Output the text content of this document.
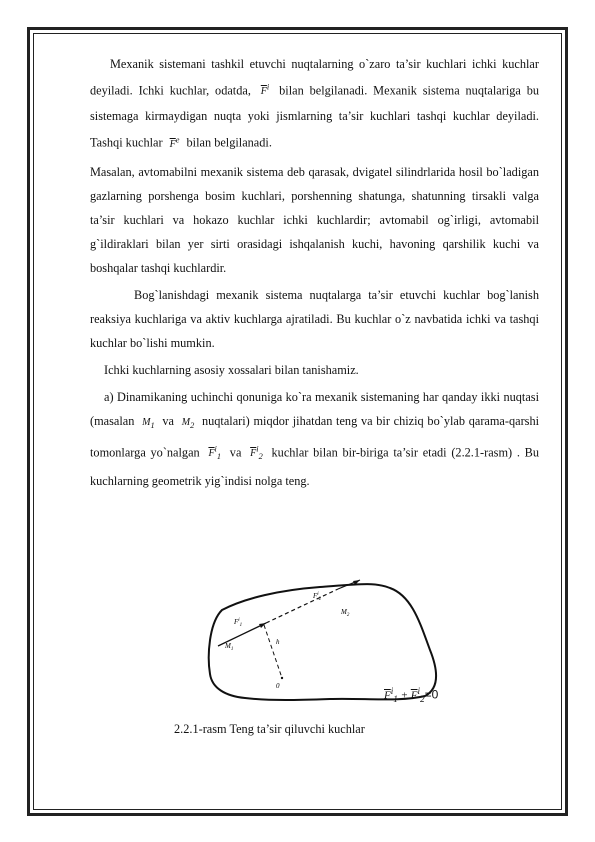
Mexanik sistemani tashkil etuvchi nuqtalarning o`zaro ta’sir kuchlari ichki kuchlar deyiladi. Ichki kuchlar, odatda, $\overline{F}^i$ bilan belgilanadi. Mexanik sistema nuqtalariga bu sistemaga kirmaydigan nuqta yoki jismlarning ta’sir kuchlari tashqi kuchlar deyiladi. Tashqi kuchlar $\overline{F}^e$ bilan belgilanadi.

Masalan, avtomabilni mexanik sistema deb qarasak, dvigatel silindrlarida hosil bo`ladigan gazlarning porshenga bosim kuchlari, porshenning shatunga, shatunning tirsakli valga ta’sir kuchlari va hokazo kuchlar ichki kuchlardir; avtomabil og`irligi, avtomabil g`ildiraklari bilan yer sirti orasidagi ishqalanish kuchi, havoning qarshilik kuchi va boshqalar tashqi kuchlardir.

Bog`lanishdagi mexanik sistema nuqtalarga ta’sir etuvchi kuchlar bog`lanish reaksiya kuchlariga va aktiv kuchlarga ajratiladi. Bu kuchlar o`z navbatida ichki va tashqi kuchlar bo`lishi mumkin.

Ichki kuchlarning asosiy xossalari bilan tanishamiz.

a) Dinamikaning uchinchi qonuniga ko`ra mexanik sistemaning har qanday ikki nuqtasi (masalan $M_1$ va $M_2$ nuqtalari) miqdor jihatdan teng va bir chiziq bo`ylab qarama-qarshi tomonlarga yo`nalgan $\overline{F}^i_1$ va $\overline{F}^i_2$ kuchlar bilan bir-biriga ta’sir etadi (2.2.1-rasm) . Bu kuchlarning geometrik yig`indisi nolga teng.

$F^i_2$
$M_2$
$F^i_1$
$M_1$
h
0
$\overline{F}^i_1 + \overline{F}^i_2=0$
2.2.1-rasm Teng ta’sir qiluvchi kuchlar
